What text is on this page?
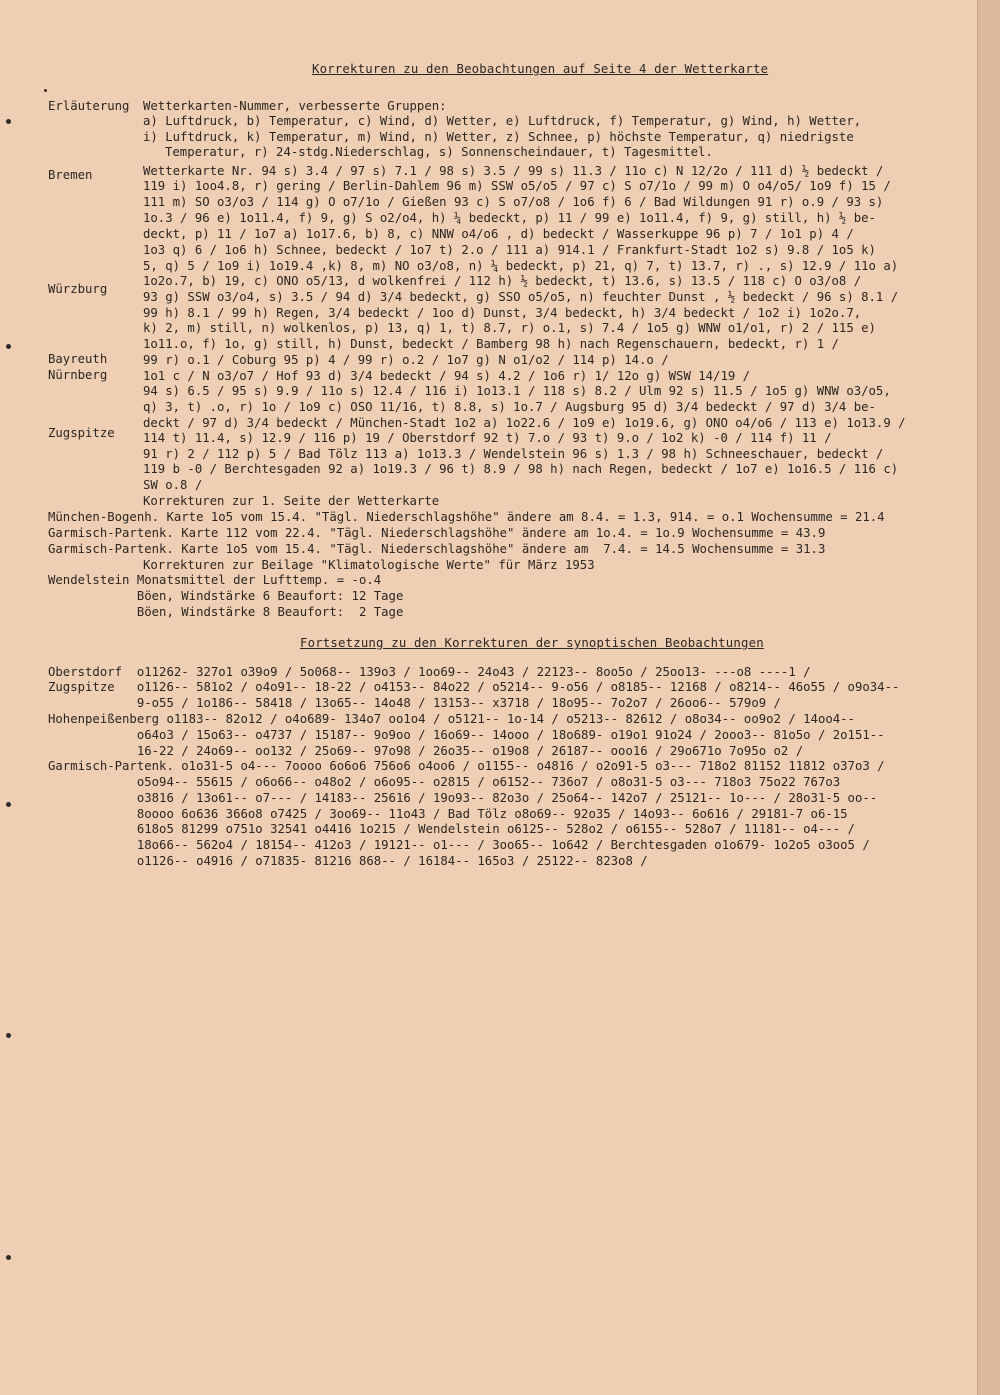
Korrekturen zu den Beobachtungen auf Seite 4 der Wetterkarte
Erläuterung Wetterkarten-Nummer, verbesserte Gruppen:
a) Luftdruck, b) Temperatur, c) Wind, d) Wetter, e) Luftdruck, f) Temperatur, g) Wind, h) Wetter,
i) Luftdruck, k) Temperatur, m) Wind, n) Wetter, z) Schnee, p) höchste Temperatur, q) niedrigste
Temperatur, r) 24-stdg.Niederschlag, s) Sonnenscheindauer, t) Tagesmittel.
Bremen
Würzburg
Bayreuth
Nürnberg
Zugspitze
Wetterkarte Nr. 94 s) 3.4 / 97 s) 7.1 / 98 s) 3.5 / 99 s) 11.3 / 11o c) N 12/2o / 111 d) ½ bedeckt /
119 i) 1oo4.8, r) gering / Berlin-Dahlem 96 m) SSW o5/o5 / 97 c) S o7/1o / 99 m) O o4/o5/ 1o9 f) 15 /
111 m) SO o3/o3 / 114 g) O o7/1o / Gießen 93 c) S o7/o8 / 1o6 f) 6 / Bad Wildungen 91 r) o.9 / 93 s)
1o.3 / 96 e) 1o11.4, f) 9, g) S o2/o4, h) ¼ bedeckt, p) 11 / 99 e) 1o11.4, f) 9, g) still, h) ½ be-
deckt, p) 11 / 1o7 a) 1o17.6, b) 8, c) NNW o4/o6 , d) bedeckt / Wasserkuppe 96 p) 7 / 1o1 p) 4 /
1o3 q) 6 / 1o6 h) Schnee, bedeckt / 1o7 t) 2.o / 111 a) 914.1 / Frankfurt-Stadt 1o2 s) 9.8 / 1o5 k)
5, q) 5 / 1o9 i) 1o19.4 ,k) 8, m) NO o3/o8, n) ¼ bedeckt, p) 21, q) 7, t) 13.7, r) ., s) 12.9 / 11o a)
1o2o.7, b) 19, c) ONO o5/13, d wolkenfrei / 112 h) ½ bedeckt, t) 13.6, s) 13.5 / 118 c) O o3/o8 /
93 g) SSW o3/o4, s) 3.5 / 94 d) 3/4 bedeckt, g) SSO o5/o5, n) feuchter Dunst , ½ bedeckt / 96 s) 8.1 /
99 h) 8.1 / 99 h) Regen, 3/4 bedeckt / 1oo d) Dunst, 3/4 bedeckt, h) 3/4 bedeckt / 1o2 i) 1o2o.7,
k) 2, m) still, n) wolkenlos, p) 13, q) 1, t) 8.7, r) o.1, s) 7.4 / 1o5 g) WNW o1/o1, r) 2 / 115 e)
1o11.o, f) 1o, g) still, h) Dunst, bedeckt / Bamberg 98 h) nach Regenschauern, bedeckt, r) 1 /
99 r) o.1 / Coburg 95 p) 4 / 99 r) o.2 / 1o7 g) N o1/o2 / 114 p) 14.o /
1o1 c / N o3/o7 / Hof 93 d) 3/4 bedeckt / 94 s) 4.2 / 1o6 r) 1/ 12o g) WSW 14/19 /
94 s) 6.5 / 95 s) 9.9 / 11o s) 12.4 / 116 i) 1o13.1 / 118 s) 8.2 / Ulm 92 s) 11.5 / 1o5 g) WNW o3/o5,
q) 3, t) .o, r) 1o / 1o9 c) OSO 11/16, t) 8.8, s) 1o.7 / Augsburg 95 d) 3/4 bedeckt / 97 d) 3/4 be-
deckt / 97 d) 3/4 bedeckt / München-Stadt 1o2 a) 1o22.6 / 1o9 e) 1o19.6, g) ONO o4/o6 / 113 e) 1o13.9 /
114 t) 11.4, s) 12.9 / 116 p) 19 / Oberstdorf 92 t) 7.o / 93 t) 9.o / 1o2 k) -0 / 114 f) 11 /
91 r) 2 / 112 p) 5 / Bad Tölz 113 a) 1o13.3 / Wendelstein 96 s) 1.3 / 98 h) Schneeschauer, bedeckt /
119 b -0 / Berchtesgaden 92 a) 1o19.3 / 96 t) 8.9 / 98 h) nach Regen, bedeckt / 1o7 e) 1o16.5 / 116 c)
SW o.8 /
Korrekturen zur 1. Seite der Wetterkarte
München-Bogenh. Karte 1o5 vom 15.4. "Tägl. Niederschlagshöhe" ändere am 8.4. = 1.3, 914. = o.1 Wochensumme = 21.4
Garmisch-Partenk. Karte 112 vom 22.4. "Tägl. Niederschlagshöhe" ändere am 1o.4. = 1o.9 Wochensumme = 43.9
Garmisch-Partenk. Karte 1o5 vom 15.4. "Tägl. Niederschlagshöhe" ändere am  7.4. = 14.5 Wochensumme = 31.3
Korrekturen zur Beilage "Klimatologische Werte" für März 1953
Wendelstein Monatsmittel der Lufttemp. = -o.4
Böen, Windstärke 6 Beaufort: 12 Tage
Böen, Windstärke 8 Beaufort:  2 Tage
Fortsetzung zu den Korrekturen der synoptischen Beobachtungen
Oberstdorf  o11262- 327o1 o39o9 / 5o068-- 139o3 / 1oo69-- 24o43 / 22123-- 8oo5o / 25oo13- ---o8 ----1 /
Zugspitze   o1126-- 581o2 / o4o91-- 18-22 / o4153-- 84o22 / o5214-- 9-o56 / o8185-- 12168 / o8214-- 46o55 / o9o34--
9-o55 / 1o186-- 58418 / 13o65-- 14o48 / 13153-- x3718 / 18o95-- 7o2o7 / 26oo6-- 579o9 /
Hohenpeißenberg o1183-- 82o12 / o4o689- 134o7 oo1o4 / o5121-- 1o-14 / o5213-- 82612 / o8o34-- oo9o2 / 14oo4--
o64o3 / 15o63-- o4737 / 15187-- 9o9oo / 16o69-- 14ooo / 18o689- o19o1 91o24 / 2ooo3-- 81o5o / 2o151--
16-22 / 24o69-- oo132 / 25o69-- 97o98 / 26o35-- o19o8 / 26187-- ooo16 / 29o671o 7o95o o2 /
Garmisch-Partenk. o1o31-5 o4--- 7oooo 6o6o6 756o6 o4oo6 / o1155-- o4816 / o2o91-5 o3--- 718o2 81152 11812 o37o3 /
o5o94-- 55615 / o6o66-- o48o2 / o6o95-- o2815 / o6152-- 736o7 / o8o31-5 o3--- 718o3 75o22 767o3
o3816 / 13o61-- o7--- / 14183-- 25616 / 19o93-- 82o3o / 25o64-- 142o7 / 25121-- 1o--- / 28o31-5 oo--
8oooo 6o636 366o8 o7425 / 3oo69-- 11o43 / Bad Tölz o8o69-- 92o35 / 14o93-- 6o616 / 29181-7 o6-15
618o5 81299 o751o 32541 o4416 1o215 / Wendelstein o6125-- 528o2 / o6155-- 528o7 / 11181-- o4--- /
18o66-- 562o4 / 18154-- 412o3 / 19121-- o1--- / 3oo65-- 1o642 / Berchtesgaden o1o679- 1o2o5 o3oo5 /
o1126-- o4916 / o71835- 81216 868-- / 16184-- 165o3 / 25122-- 823o8 /
